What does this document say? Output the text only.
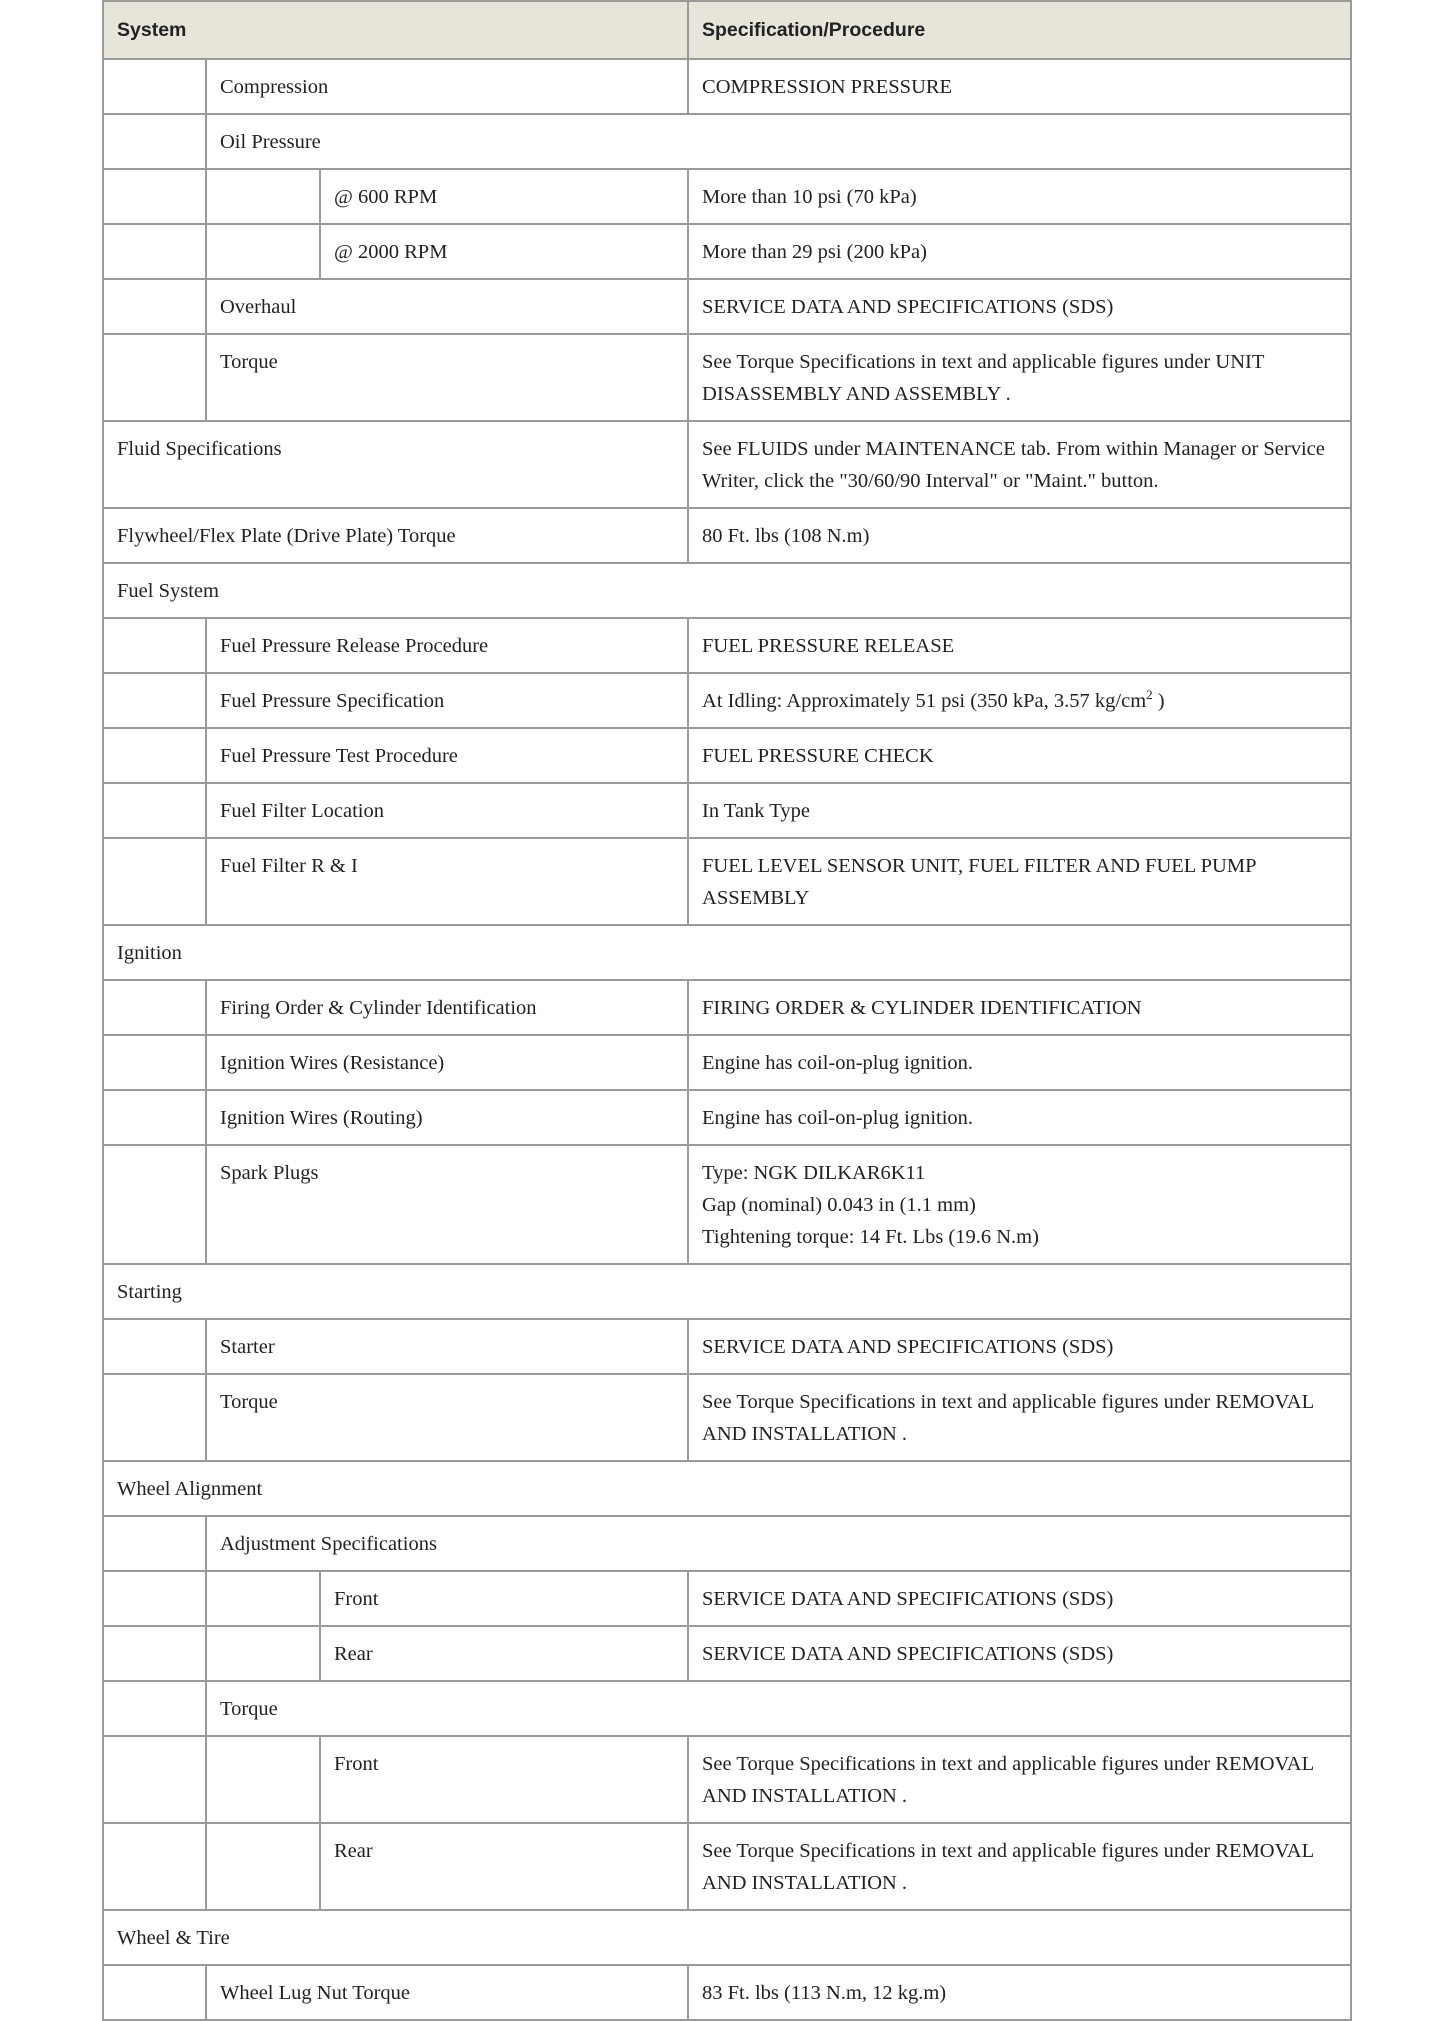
System			Specification/Procedure
	Compression		COMPRESSION PRESSURE
	Oil Pressure		
		@ 600 RPM	More than 10 psi (70 kPa)
		@ 2000 RPM	More than 29 psi (200 kPa)
	Overhaul		SERVICE DATA AND SPECIFICATIONS (SDS)
	Torque		See Torque Specifications in text and applicable figures under UNIT DISASSEMBLY AND ASSEMBLY .
Fluid Specifications			See FLUIDS under MAINTENANCE tab. From within Manager or Service Writer, click the "30/60/90 Interval" or "Maint." button.
Flywheel/Flex Plate (Drive Plate) Torque			80 Ft. lbs (108 N.m)
Fuel System			
	Fuel Pressure Release Procedure		FUEL PRESSURE RELEASE
	Fuel Pressure Specification		At Idling: Approximately 51 psi (350 kPa, 3.57 $kg/cm^2$ )
	Fuel Pressure Test Procedure		FUEL PRESSURE CHECK
	Fuel Filter Location		In Tank Type
	Fuel Filter R & I		FUEL LEVEL SENSOR UNIT, FUEL FILTER AND FUEL PUMP ASSEMBLY
Ignition			
	Firing Order & Cylinder Identification		FIRING ORDER & CYLINDER IDENTIFICATION
	Ignition Wires (Resistance)		Engine has coil-on-plug ignition.
	Ignition Wires (Routing)		Engine has coil-on-plug ignition.
	Spark Plugs		Type: NGK DILKAR6K11
Gap (nominal) 0.043 in (1.1 mm)
Tightening torque: 14 Ft. Lbs (19.6 N.m)

Starting			
	Starter		SERVICE DATA AND SPECIFICATIONS (SDS)
	Torque		See Torque Specifications in text and applicable figures under REMOVAL AND INSTALLATION .
Wheel Alignment			
	Adjustment Specifications		
		Front	SERVICE DATA AND SPECIFICATIONS (SDS)
		Rear	SERVICE DATA AND SPECIFICATIONS (SDS)
	Torque		
		Front	See Torque Specifications in text and applicable figures under REMOVAL AND INSTALLATION .
		Rear	See Torque Specifications in text and applicable figures under REMOVAL AND INSTALLATION .
Wheel & Tire			
	Wheel Lug Nut Torque		83 Ft. lbs (113 N.m, 12 kg.m)
